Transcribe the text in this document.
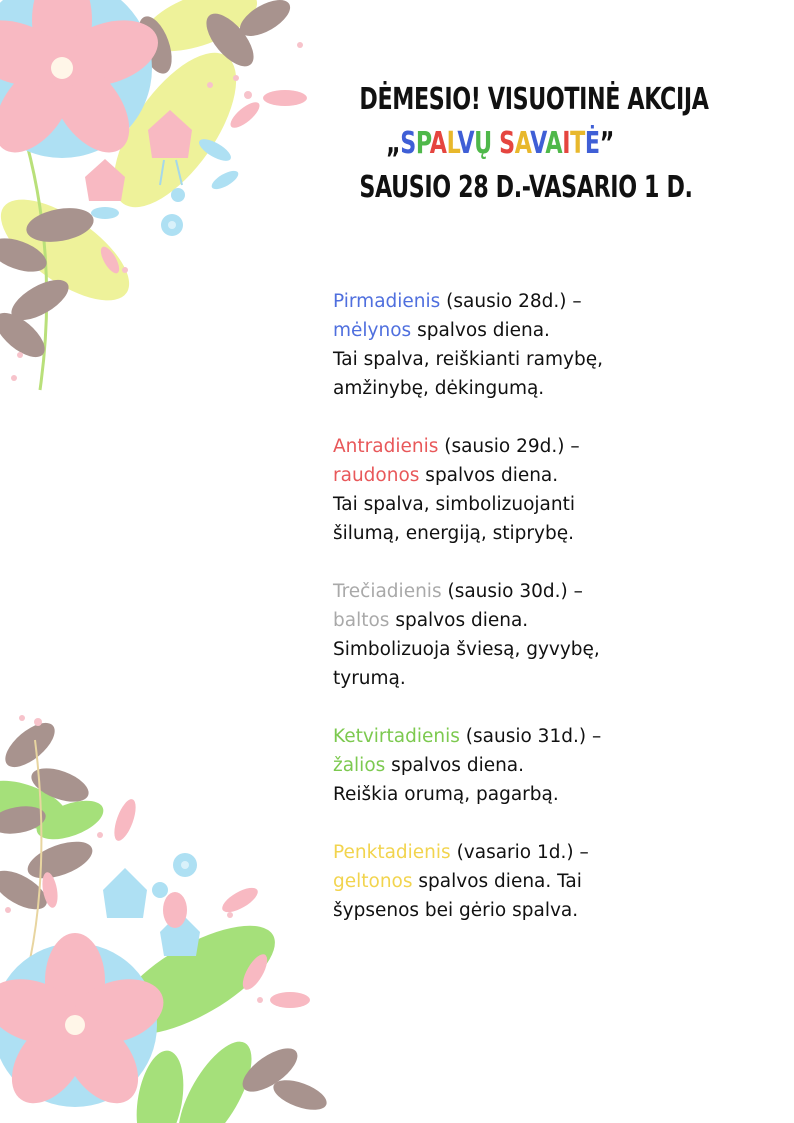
DĖMESIO! VISUOTINĖ AKCIJA
„SPALVŲ SAVAITĖ”
SAUSIO 28 D.-VASARIO 1 D.
Pirmadienis (sausio 28d.) –
mėlynos spalvos diena.
Tai spalva, reiškianti ramybę,
amžinybę, dėkingumą.
Antradienis (sausio 29d.) –
raudonos spalvos diena.
Tai spalva, simbolizuojanti
šilumą, energiją, stiprybę.
Trečiadienis (sausio 30d.) –
baltos spalvos diena.
Simbolizuoja šviesą, gyvybę,
tyrumą.
Ketvirtadienis (sausio 31d.) –
žalios spalvos diena.
Reiškia orumą, pagarbą.
Penktadienis (vasario 1d.) –
geltonos spalvos diena. Tai
šypsenos bei gėrio spalva.
